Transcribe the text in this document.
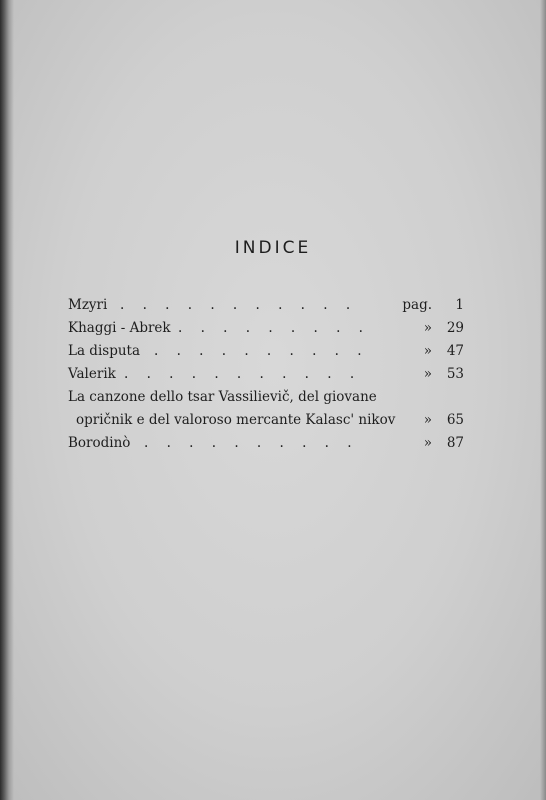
INDICE
Mzyri . . . . . . . . . . .	pag.	1
Khaggi - Abrek . . . . . . . . .	»	29
La disputa . . . . . . . . . .	»	47
Valerik . . . . . . . . . . .	»	53
La canzone dello tsar Vassilievič, del giovane
opričnik e del valoroso mercante Kalasc' nikov	»	65
Borodinò . . . . . . . . . .	»	87
